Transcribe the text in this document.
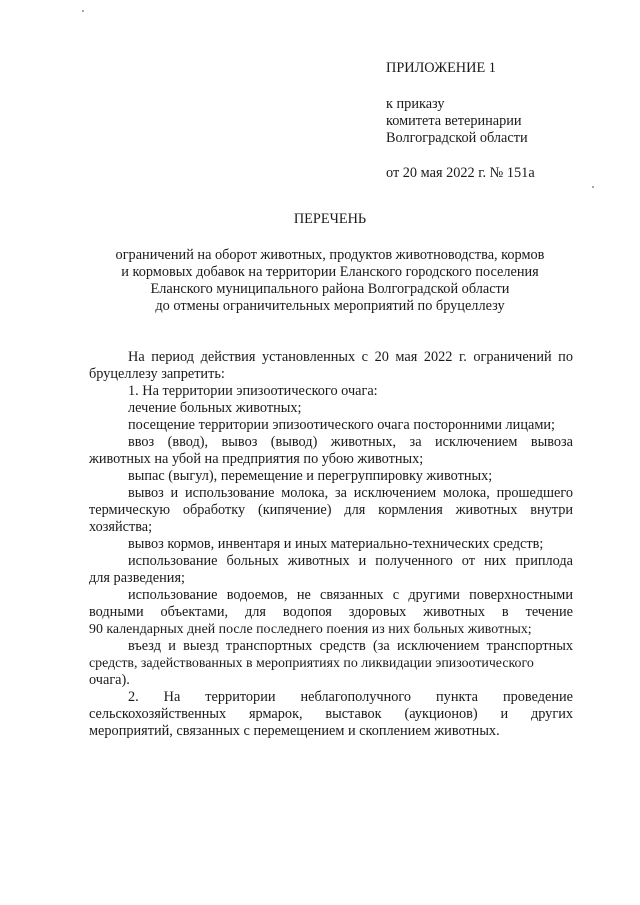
ПРИЛОЖЕНИЕ 1
к приказу
комитета ветеринарии
Волгоградской области
от 20 мая 2022 г. № 151а
ПЕРЕЧЕНЬ
ограничений на оборот животных, продуктов животноводства, кормов
и кормовых добавок на территории Еланского городского поселения
Еланского муниципального района Волгоградской области
до отмены ограничительных мероприятий по бруцеллезу
На период действия установленных с 20 мая 2022 г. ограничений по
бруцеллезу запретить:
1. На территории эпизоотического очага:
лечение больных животных;
посещение территории эпизоотического очага посторонними лицами;
ввоз (ввод), вывоз (вывод) животных, за исключением вывоза
животных на убой на предприятия по убою животных;
выпас (выгул), перемещение и перегруппировку животных;
вывоз и использование молока, за исключением молока, прошедшего
термическую обработку (кипячение) для кормления животных внутри
хозяйства;
вывоз кормов, инвентаря и иных материально-технических средств;
использование больных животных и полученного от них приплода
для разведения;
использование водоемов, не связанных с другими поверхностными
водными объектами, для водопоя здоровых животных в течение
90 календарных дней после последнего поения из них больных животных;
въезд и выезд транспортных средств (за исключением транспортных
средств, задействованных в мероприятиях по ликвидации эпизоотического
очага).
2. На территории неблагополучного пункта проведение
сельскохозяйственных ярмарок, выставок (аукционов) и других
мероприятий, связанных с перемещением и скоплением животных.
